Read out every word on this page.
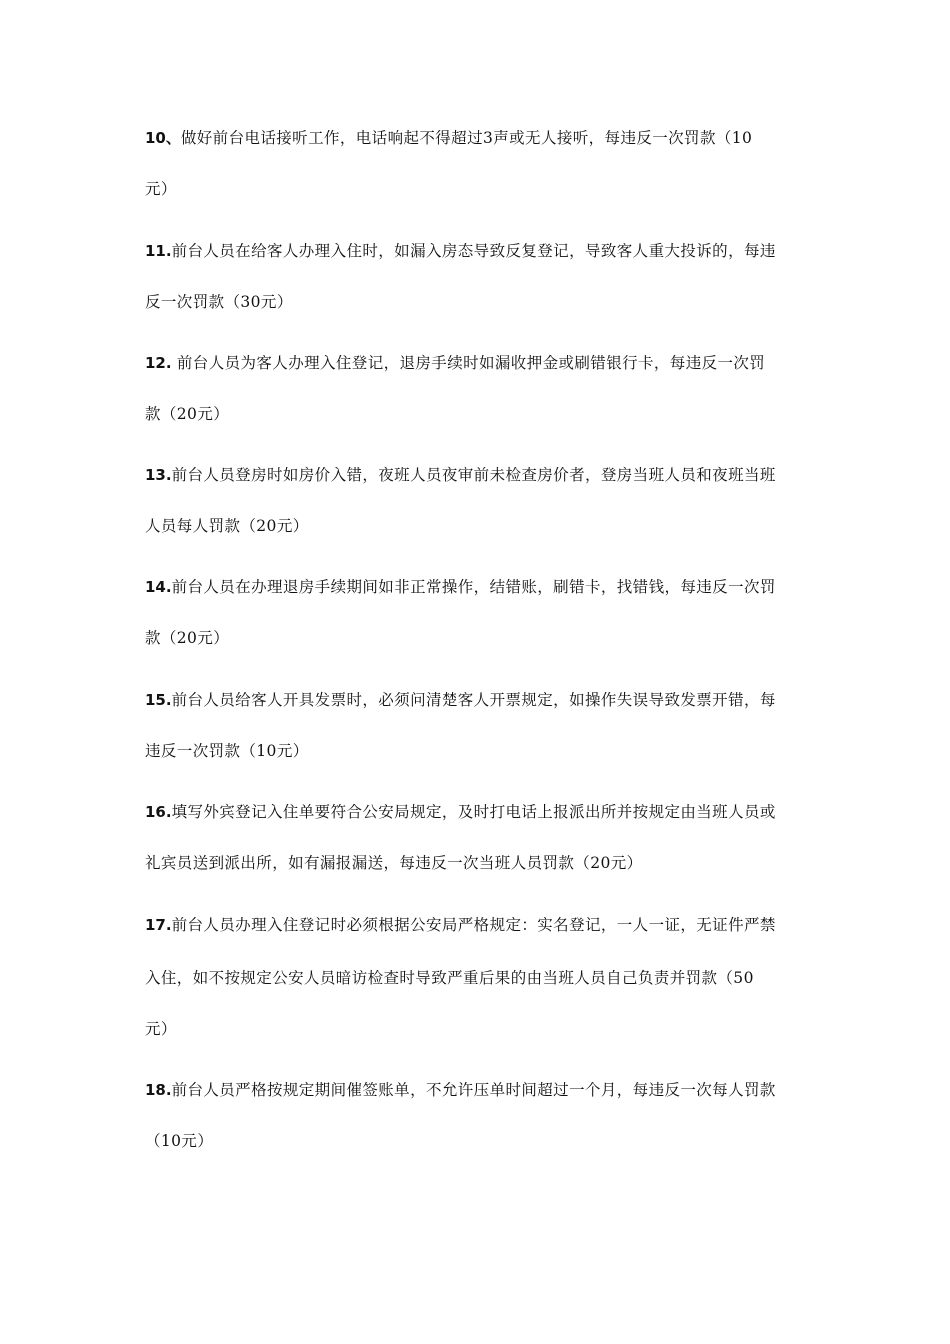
10、做好前台电话接听工作，电话响起不得超过3声或无人接听，每违反一次罚款（10
元）
11.前台人员在给客人办理入住时，如漏入房态导致反复登记，导致客人重大投诉的，每违
反一次罚款（30元）
12. 前台人员为客人办理入住登记，退房手续时如漏收押金或刷错银行卡，每违反一次罚
款（20元）
13.前台人员登房时如房价入错，夜班人员夜审前未检查房价者，登房当班人员和夜班当班
人员每人罚款（20元）
14.前台人员在办理退房手续期间如非正常操作，结错账，刷错卡，找错钱，每违反一次罚
款（20元）
15.前台人员给客人开具发票时，必须问清楚客人开票规定，如操作失误导致发票开错，每
违反一次罚款（10元）
16.填写外宾登记入住单要符合公安局规定，及时打电话上报派出所并按规定由当班人员或
礼宾员送到派出所，如有漏报漏送，每违反一次当班人员罚款（20元）
17.前台人员办理入住登记时必须根据公安局严格规定：实名登记，一人一证，无证件严禁
入住，如不按规定公安人员暗访检查时导致严重后果的由当班人员自己负责并罚款（50
元）
18.前台人员严格按规定期间催签账单，不允许压单时间超过一个月，每违反一次每人罚款
（10元）
